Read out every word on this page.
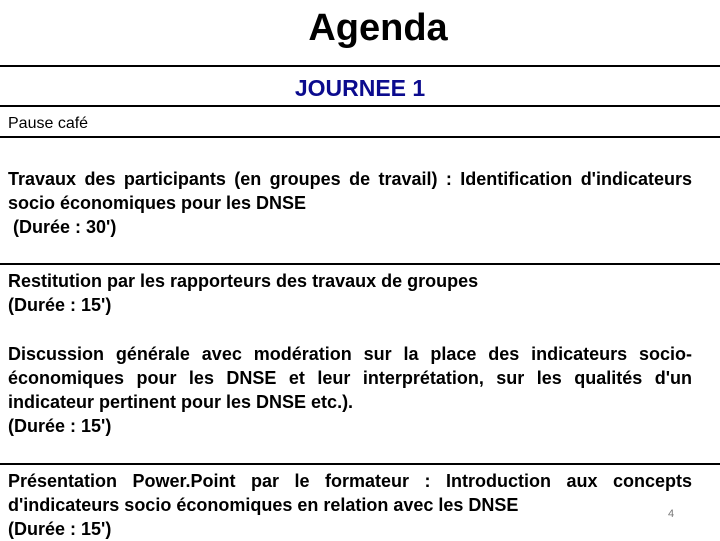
Agenda
JOURNEE 1
Pause café
Travaux des participants (en groupes de travail) : Identification d'indicateurs socio économiques pour les DNSE
(Durée : 30')
Restitution par les rapporteurs des travaux de groupes
(Durée : 15')
Discussion générale avec modération sur la place des indicateurs socio-économiques pour les DNSE et leur interprétation, sur les qualités d'un indicateur pertinent pour les DNSE etc.).
(Durée : 15')
Présentation Power.Point par le formateur : Introduction aux concepts d'indicateurs socio économiques en relation avec les DNSE
(Durée : 15')
4
